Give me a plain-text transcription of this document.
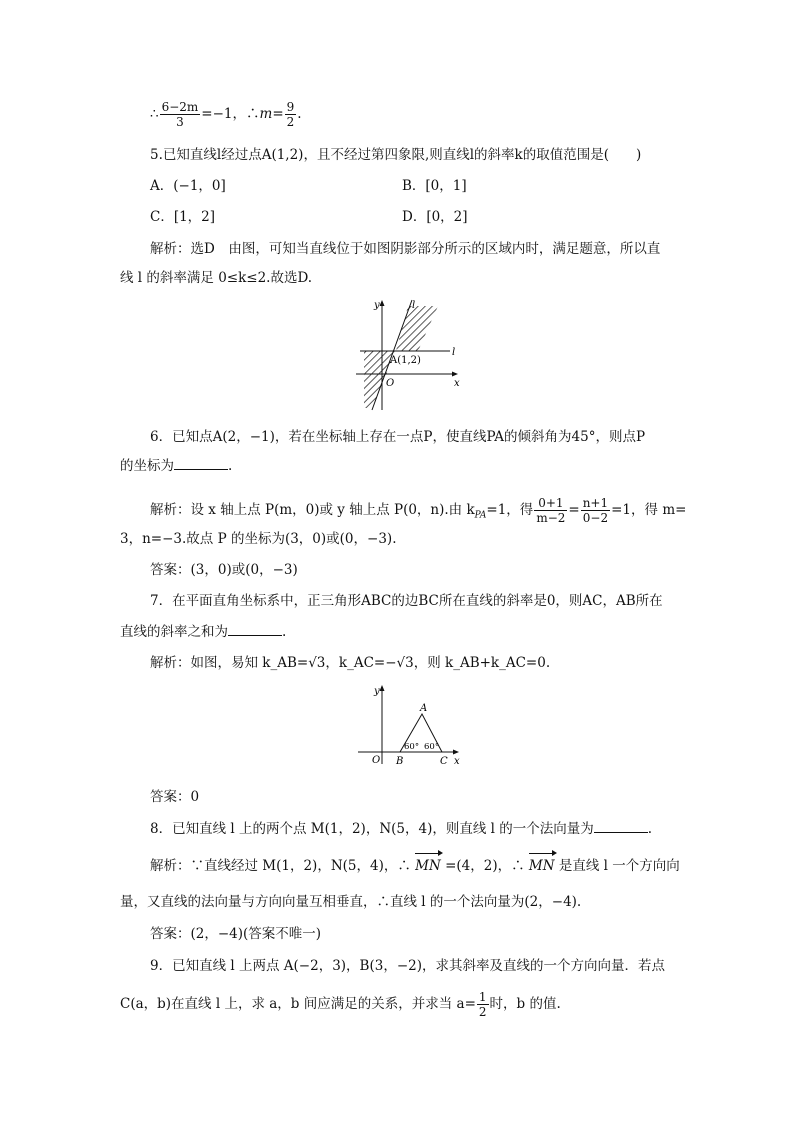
∴ $\frac{6-2m}{3} =-1$，∴m= $\frac{9}{2}$ .
5.已知直线l经过点A(1,2)，且不经过第四象限,则直线l的斜率k的取值范围是(　　)
A．(−1，0]	B．[0，1]
C．[1，2]	D．[0，2]
解析：选D　由图，可知当直线位于如图阴影部分所示的区域内时，满足题意，所以直
线 l 的斜率满足 0≤k≤2.故选D.
y
x
O
l
l
A(1,2)
6．已知点A(2，−1)，若在坐标轴上存在一点P，使直线PA的倾斜角为45°，则点P
的坐标为	.
解析：设 x 轴上点 P(m，0)或 y 轴上点 P(0，n).由 $k_{PA}=1$，得 $\frac{0+1}{m-2} = \frac{n+1}{0-2} =1$，得 m=
3，n=−3.故点 P 的坐标为(3，0)或(0，−3).
答案：(3，0)或(0，−3)
7．在平面直角坐标系中，正三角形ABC的边BC所在直线的斜率是0，则AC，AB所在
直线的斜率之和为	.
解析：如图，易知 k_AB=√3，k_AC=−√3，则 k_AB+k_AC=0.
y
x
O
A
B	C
60° 60°
答案：0
8．已知直线 l 上的两个点 M(1，2)，N(5，4)，则直线 l 的一个法向量为	.
解析：∵直线经过 M(1，2)，N(5，4)，∴ MN =(4，2)，∴ MN 是直线 l 一个方向向
量，又直线的法向量与方向向量互相垂直，∴直线 l 的一个法向量为(2，−4).
答案：(2，−4)(答案不唯一)
9．已知直线 l 上两点 A(−2，3)，B(3，−2)，求其斜率及直线的一个方向向量．若点
C(a，b)在直线 l 上，求 a，b 间应满足的关系，并求当 $a= \frac{1}{2}$ 时，b 的值.
